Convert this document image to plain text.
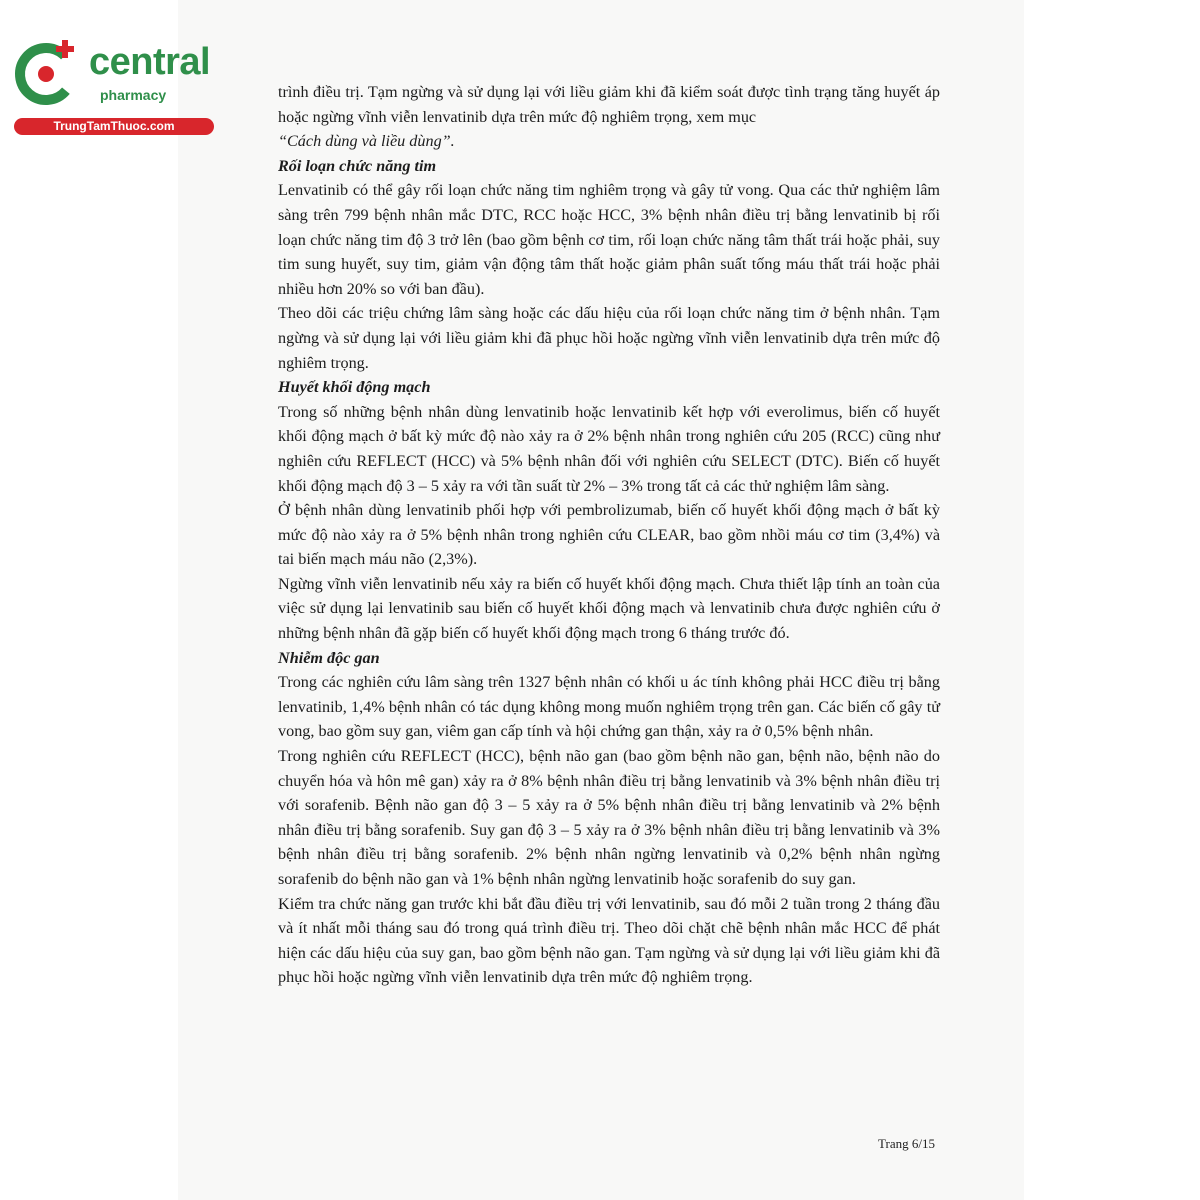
central
pharmacy
TrungTamThuoc.com

trình điều trị. Tạm ngừng và sử dụng lại với liều giảm khi đã kiểm soát được tình trạng tăng huyết áp hoặc ngừng vĩnh viễn lenvatinib dựa trên mức độ nghiêm trọng, xem mục

“Cách dùng và liều dùng”.

Rối loạn chức năng tim

Lenvatinib có thể gây rối loạn chức năng tim nghiêm trọng và gây tử vong. Qua các thử nghiệm lâm sàng trên 799 bệnh nhân mắc DTC, RCC hoặc HCC, 3% bệnh nhân điều trị bằng lenvatinib bị rối loạn chức năng tim độ 3 trở lên (bao gồm bệnh cơ tim, rối loạn chức năng tâm thất trái hoặc phải, suy tim sung huyết, suy tim, giảm vận động tâm thất hoặc giảm phân suất tống máu thất trái hoặc phải nhiều hơn 20% so với ban đầu).

Theo dõi các triệu chứng lâm sàng hoặc các dấu hiệu của rối loạn chức năng tim ở bệnh nhân. Tạm ngừng và sử dụng lại với liều giảm khi đã phục hồi hoặc ngừng vĩnh viễn lenvatinib dựa trên mức độ nghiêm trọng.

Huyết khối động mạch

Trong số những bệnh nhân dùng lenvatinib hoặc lenvatinib kết hợp với everolimus, biến cố huyết khối động mạch ở bất kỳ mức độ nào xảy ra ở 2% bệnh nhân trong nghiên cứu 205 (RCC) cũng như nghiên cứu REFLECT (HCC) và 5% bệnh nhân đối với nghiên cứu SELECT (DTC). Biến cố huyết khối động mạch độ 3 – 5 xảy ra với tần suất từ 2% – 3% trong tất cả các thử nghiệm lâm sàng.

Ở bệnh nhân dùng lenvatinib phối hợp với pembrolizumab, biến cố huyết khối động mạch ở bất kỳ mức độ nào xảy ra ở 5% bệnh nhân trong nghiên cứu CLEAR, bao gồm nhồi máu cơ tim (3,4%) và tai biến mạch máu não (2,3%).

Ngừng vĩnh viễn lenvatinib nếu xảy ra biến cố huyết khối động mạch. Chưa thiết lập tính an toàn của việc sử dụng lại lenvatinib sau biến cố huyết khối động mạch và lenvatinib chưa được nghiên cứu ở những bệnh nhân đã gặp biến cố huyết khối động mạch trong 6 tháng trước đó.

Nhiễm độc gan

Trong các nghiên cứu lâm sàng trên 1327 bệnh nhân có khối u ác tính không phải HCC điều trị bằng lenvatinib, 1,4% bệnh nhân có tác dụng không mong muốn nghiêm trọng trên gan. Các biến cố gây tử vong, bao gồm suy gan, viêm gan cấp tính và hội chứng gan thận, xảy ra ở 0,5% bệnh nhân.

Trong nghiên cứu REFLECT (HCC), bệnh não gan (bao gồm bệnh não gan, bệnh não, bệnh não do chuyển hóa và hôn mê gan) xảy ra ở 8% bệnh nhân điều trị bằng lenvatinib và 3% bệnh nhân điều trị với sorafenib. Bệnh não gan độ 3 – 5 xảy ra ở 5% bệnh nhân điều trị bằng lenvatinib và 2% bệnh nhân điều trị bằng sorafenib. Suy gan độ 3 – 5 xảy ra ở 3% bệnh nhân điều trị bằng lenvatinib và 3% bệnh nhân điều trị bằng sorafenib. 2% bệnh nhân ngừng lenvatinib và 0,2% bệnh nhân ngừng sorafenib do bệnh não gan và 1% bệnh nhân ngừng lenvatinib hoặc sorafenib do suy gan.

Kiểm tra chức năng gan trước khi bắt đầu điều trị với lenvatinib, sau đó mỗi 2 tuần trong 2 tháng đầu và ít nhất mỗi tháng sau đó trong quá trình điều trị. Theo dõi chặt chẽ bệnh nhân mắc HCC để phát hiện các dấu hiệu của suy gan, bao gồm bệnh não gan. Tạm ngừng và sử dụng lại với liều giảm khi đã phục hồi hoặc ngừng vĩnh viễn lenvatinib dựa trên mức độ nghiêm trọng.

Trang 6/15
